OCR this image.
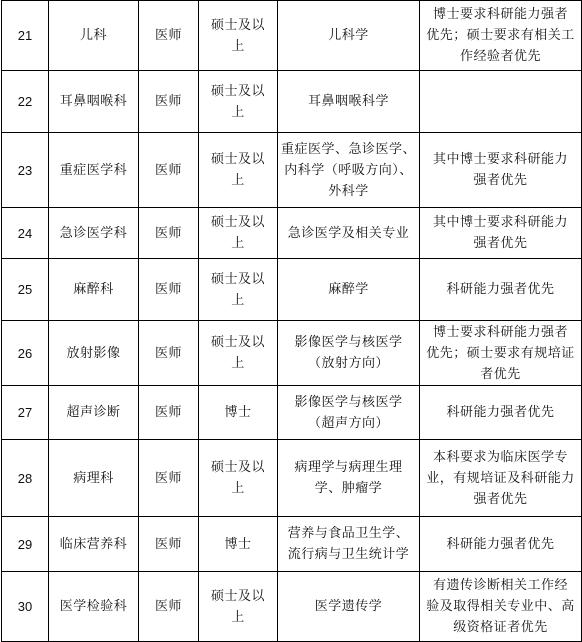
21	儿科	医师	硕士及以
上	儿科学	博士要求科研能力强者
优先；硕士要求有相关工
作经验者优先

22	耳鼻咽喉科	医师	硕士及以
上	耳鼻咽喉科学	

23	重症医学科	医师	硕士及以
上	重症医学、急诊医学、
内科学（呼吸方向）、
外科学	其中博士要求科研能力
强者优先

24	急诊医学科	医师	硕士及以
上	急诊医学及相关专业	其中博士要求科研能力
强者优先

25	麻醉科	医师	硕士及以
上	麻醉学	科研能力强者优先

26	放射影像	医师	硕士及以
上	影像医学与核医学
（放射方向）	博士要求科研能力强者
优先；硕士要求有规培证
者优先

27	超声诊断	医师	博士	影像医学与核医学
（超声方向）	科研能力强者优先

28	病理科	医师	硕士及以
上	病理学与病理生理
学、肿瘤学	本科要求为临床医学专
业，有规培证及科研能力
强者优先

29	临床营养科	医师	博士	营养与食品卫生学、
流行病与卫生统计学	科研能力强者优先

30	医学检验科	医师	硕士及以
上	医学遗传学	有遗传诊断相关工作经
验及取得相关专业中、高
级资格证者优先
